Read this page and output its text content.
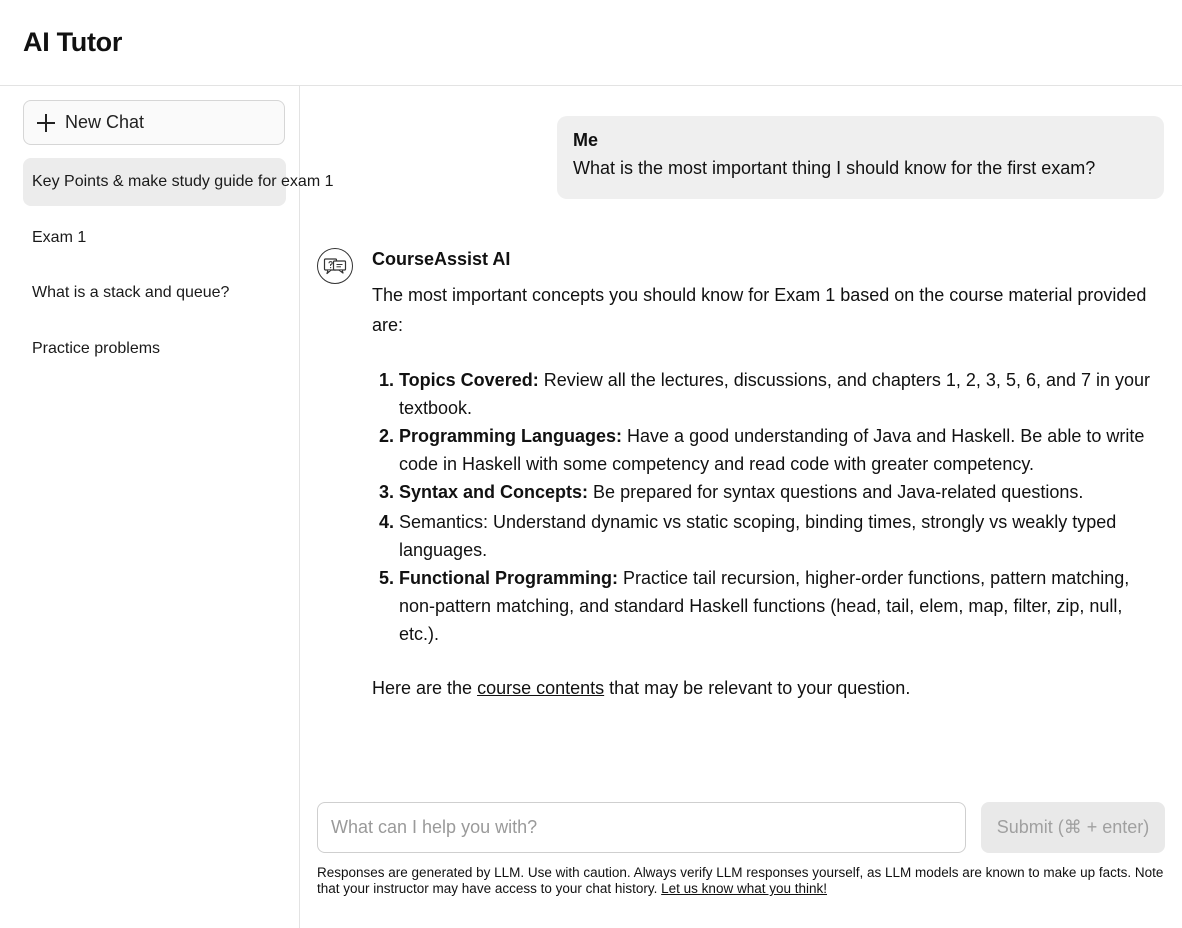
AI Tutor
New Chat
Key Points & make study guide for exam 1
Exam 1
What is a stack and queue?
Practice problems
Me
What is the most important thing I should know for the first exam?
CourseAssist AI
The most important concepts you should know for Exam 1 based on the course material provided are:
1. Topics Covered: Review all the lectures, discussions, and chapters 1, 2, 3, 5, 6, and 7 in your textbook.
2. Programming Languages: Have a good understanding of Java and Haskell. Be able to write code in Haskell with some competency and read code with greater competency.
3. Syntax and Concepts: Be prepared for syntax questions and Java-related questions.
4. Semantics: Understand dynamic vs static scoping, binding times, strongly vs weakly typed languages.
5. Functional Programming: Practice tail recursion, higher-order functions, pattern matching, non-pattern matching, and standard Haskell functions (head, tail, elem, map, filter, zip, null, etc.).
Here are the course contents that may be relevant to your question.
What can I help you with?
Submit (⌘ + enter)
Responses are generated by LLM. Use with caution. Always verify LLM responses yourself, as LLM models are known to make up facts. Note that your instructor may have access to your chat history. Let us know what you think!
